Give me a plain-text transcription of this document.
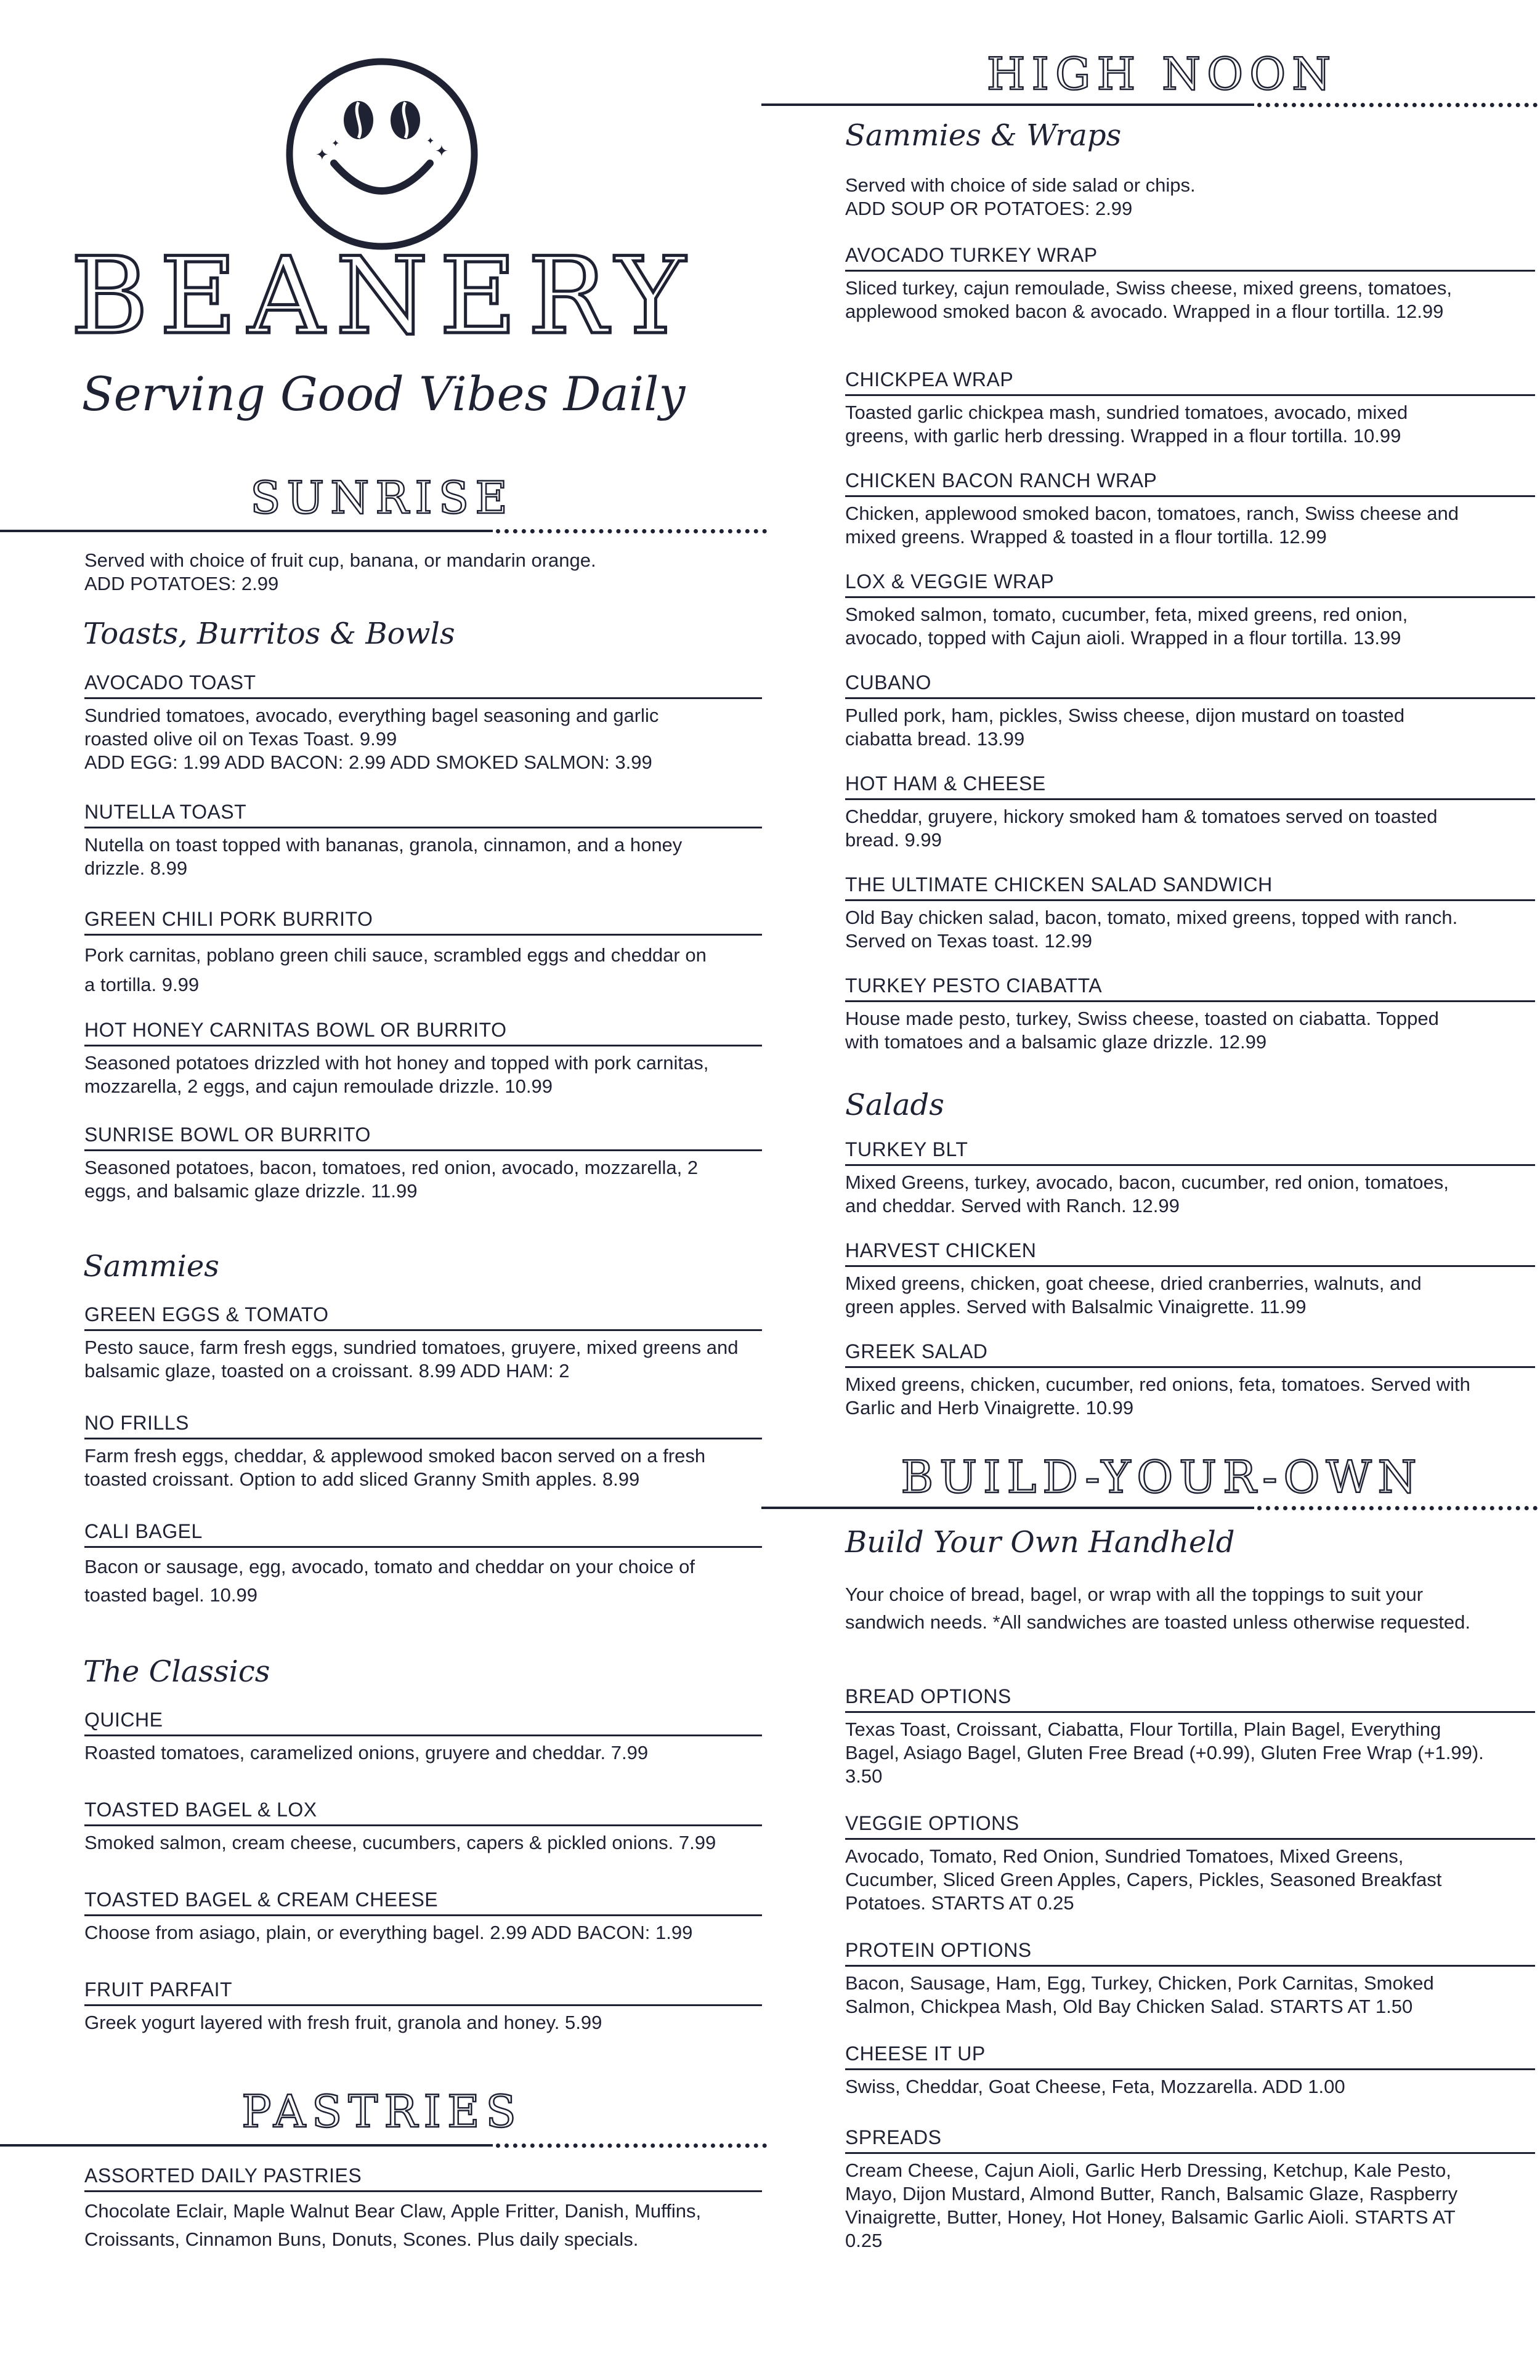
✦
✦	✦
✦
BEANERY
Serving Good Vibes Daily
SUNRISE
Served with choice of fruit cup, banana, or mandarin orange.
ADD POTATOES: 2.99
Toasts, Burritos & Bowls
AVOCADO TOAST
Sundried tomatoes, avocado, everything bagel seasoning and garlic roasted olive oil on Texas Toast. 9.99
ADD EGG: 1.99 ADD BACON: 2.99 ADD SMOKED SALMON: 3.99
NUTELLA TOAST
Nutella on toast topped with bananas, granola, cinnamon, and a honey drizzle. 8.99
GREEN CHILI PORK BURRITO
Pork carnitas, poblano green chili sauce, scrambled eggs and cheddar on a tortilla. 9.99
HOT HONEY CARNITAS BOWL OR BURRITO
Seasoned potatoes drizzled with hot honey and topped with pork carnitas, mozzarella, 2 eggs, and cajun remoulade drizzle. 10.99
SUNRISE BOWL OR BURRITO
Seasoned potatoes, bacon, tomatoes, red onion, avocado, mozzarella, 2 eggs, and balsamic glaze drizzle. 11.99
Sammies
GREEN EGGS & TOMATO
Pesto sauce, farm fresh eggs, sundried tomatoes, gruyere, mixed greens and balsamic glaze, toasted on a croissant. 8.99 ADD HAM: 2
NO FRILLS
Farm fresh eggs, cheddar, & applewood smoked bacon served on a fresh toasted croissant. Option to add sliced Granny Smith apples. 8.99
CALI BAGEL
Bacon or sausage, egg, avocado, tomato and cheddar on your choice of toasted bagel. 10.99
The Classics
QUICHE
Roasted tomatoes, caramelized onions, gruyere and cheddar. 7.99
TOASTED BAGEL & LOX
Smoked salmon, cream cheese, cucumbers, capers & pickled onions. 7.99
TOASTED BAGEL & CREAM CHEESE
Choose from asiago, plain, or everything bagel. 2.99 ADD BACON: 1.99
FRUIT PARFAIT
Greek yogurt layered with fresh fruit, granola and honey. 5.99
PASTRIES
ASSORTED DAILY PASTRIES
Chocolate Eclair, Maple Walnut Bear Claw, Apple Fritter, Danish, Muffins, Croissants, Cinnamon Buns, Donuts, Scones. Plus daily specials.
HIGH NOON
Sammies & Wraps
Served with choice of side salad or chips.
ADD SOUP OR POTATOES: 2.99
AVOCADO TURKEY WRAP
Sliced turkey, cajun remoulade, Swiss cheese, mixed greens, tomatoes, applewood smoked bacon & avocado. Wrapped in a flour tortilla. 12.99
CHICKPEA WRAP
Toasted garlic chickpea mash, sundried tomatoes, avocado, mixed greens, with garlic herb dressing. Wrapped in a flour tortilla. 10.99
CHICKEN BACON RANCH WRAP
Chicken, applewood smoked bacon, tomatoes, ranch, Swiss cheese and mixed greens. Wrapped & toasted in a flour tortilla. 12.99
LOX & VEGGIE WRAP
Smoked salmon, tomato, cucumber, feta, mixed greens, red onion, avocado, topped with Cajun aioli. Wrapped in a flour tortilla. 13.99
CUBANO
Pulled pork, ham, pickles, Swiss cheese, dijon mustard on toasted ciabatta bread. 13.99
HOT HAM & CHEESE
Cheddar, gruyere, hickory smoked ham & tomatoes served on toasted bread. 9.99
THE ULTIMATE CHICKEN SALAD SANDWICH
Old Bay chicken salad, bacon, tomato, mixed greens, topped with ranch. Served on Texas toast. 12.99
TURKEY PESTO CIABATTA
House made pesto, turkey, Swiss cheese, toasted on ciabatta. Topped with tomatoes and a balsamic glaze drizzle. 12.99
Salads
TURKEY BLT
Mixed Greens, turkey, avocado, bacon, cucumber, red onion, tomatoes, and cheddar. Served with Ranch. 12.99
HARVEST CHICKEN
Mixed greens, chicken, goat cheese, dried cranberries, walnuts, and green apples. Served with Balsalmic Vinaigrette. 11.99
GREEK SALAD
Mixed greens, chicken, cucumber, red onions, feta, tomatoes. Served with Garlic and Herb Vinaigrette. 10.99
BUILD-YOUR-OWN
Build Your Own Handheld
Your choice of bread, bagel, or wrap with all the toppings to suit your sandwich needs. *All sandwiches are toasted unless otherwise requested.
BREAD OPTIONS
Texas Toast, Croissant, Ciabatta, Flour Tortilla, Plain Bagel, Everything Bagel, Asiago Bagel, Gluten Free Bread (+0.99), Gluten Free Wrap (+1.99). 3.50
VEGGIE OPTIONS
Avocado, Tomato, Red Onion, Sundried Tomatoes, Mixed Greens, Cucumber, Sliced Green Apples, Capers, Pickles, Seasoned Breakfast Potatoes. STARTS AT 0.25
PROTEIN OPTIONS
Bacon, Sausage, Ham, Egg, Turkey, Chicken, Pork Carnitas, Smoked Salmon, Chickpea Mash, Old Bay Chicken Salad. STARTS AT 1.50
CHEESE IT UP
Swiss, Cheddar, Goat Cheese, Feta, Mozzarella. ADD 1.00
SPREADS
Cream Cheese, Cajun Aioli, Garlic Herb Dressing, Ketchup, Kale Pesto, Mayo, Dijon Mustard, Almond Butter, Ranch, Balsamic Glaze, Raspberry Vinaigrette, Butter, Honey, Hot Honey, Balsamic Garlic Aioli. STARTS AT 0.25
